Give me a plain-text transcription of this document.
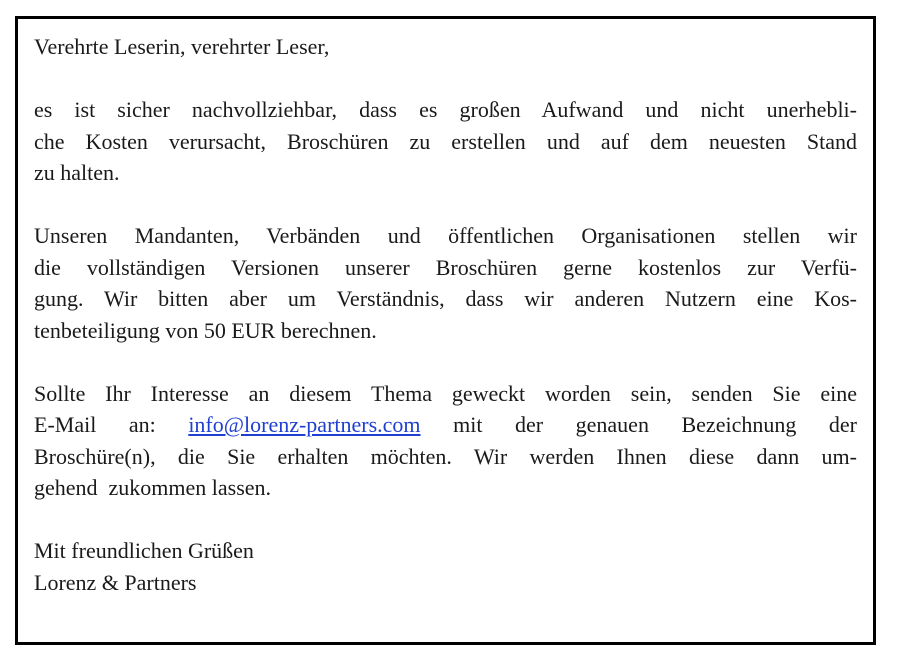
Verehrte Leserin, verehrter Leser,
es ist sicher nachvollziehbar, dass es großen Aufwand und nicht unerhebli-
che Kosten verursacht, Broschüren zu erstellen und auf dem neuesten Stand
zu halten.
Unseren Mandanten, Verbänden und öffentlichen Organisationen stellen wir
die vollständigen Versionen unserer Broschüren gerne kostenlos zur Verfü-
gung. Wir bitten aber um Verständnis, dass wir anderen Nutzern eine Kos-
tenbeteiligung von 50 EUR berechnen.
Sollte Ihr Interesse an diesem Thema geweckt worden sein, senden Sie eine
E-Mail an: info@lorenz-partners.com mit der genauen Bezeichnung der
Broschüre(n), die Sie erhalten möchten. Wir werden Ihnen diese dann um-
gehend  zukommen lassen.
Mit freundlichen Grüßen
Lorenz & Partners
